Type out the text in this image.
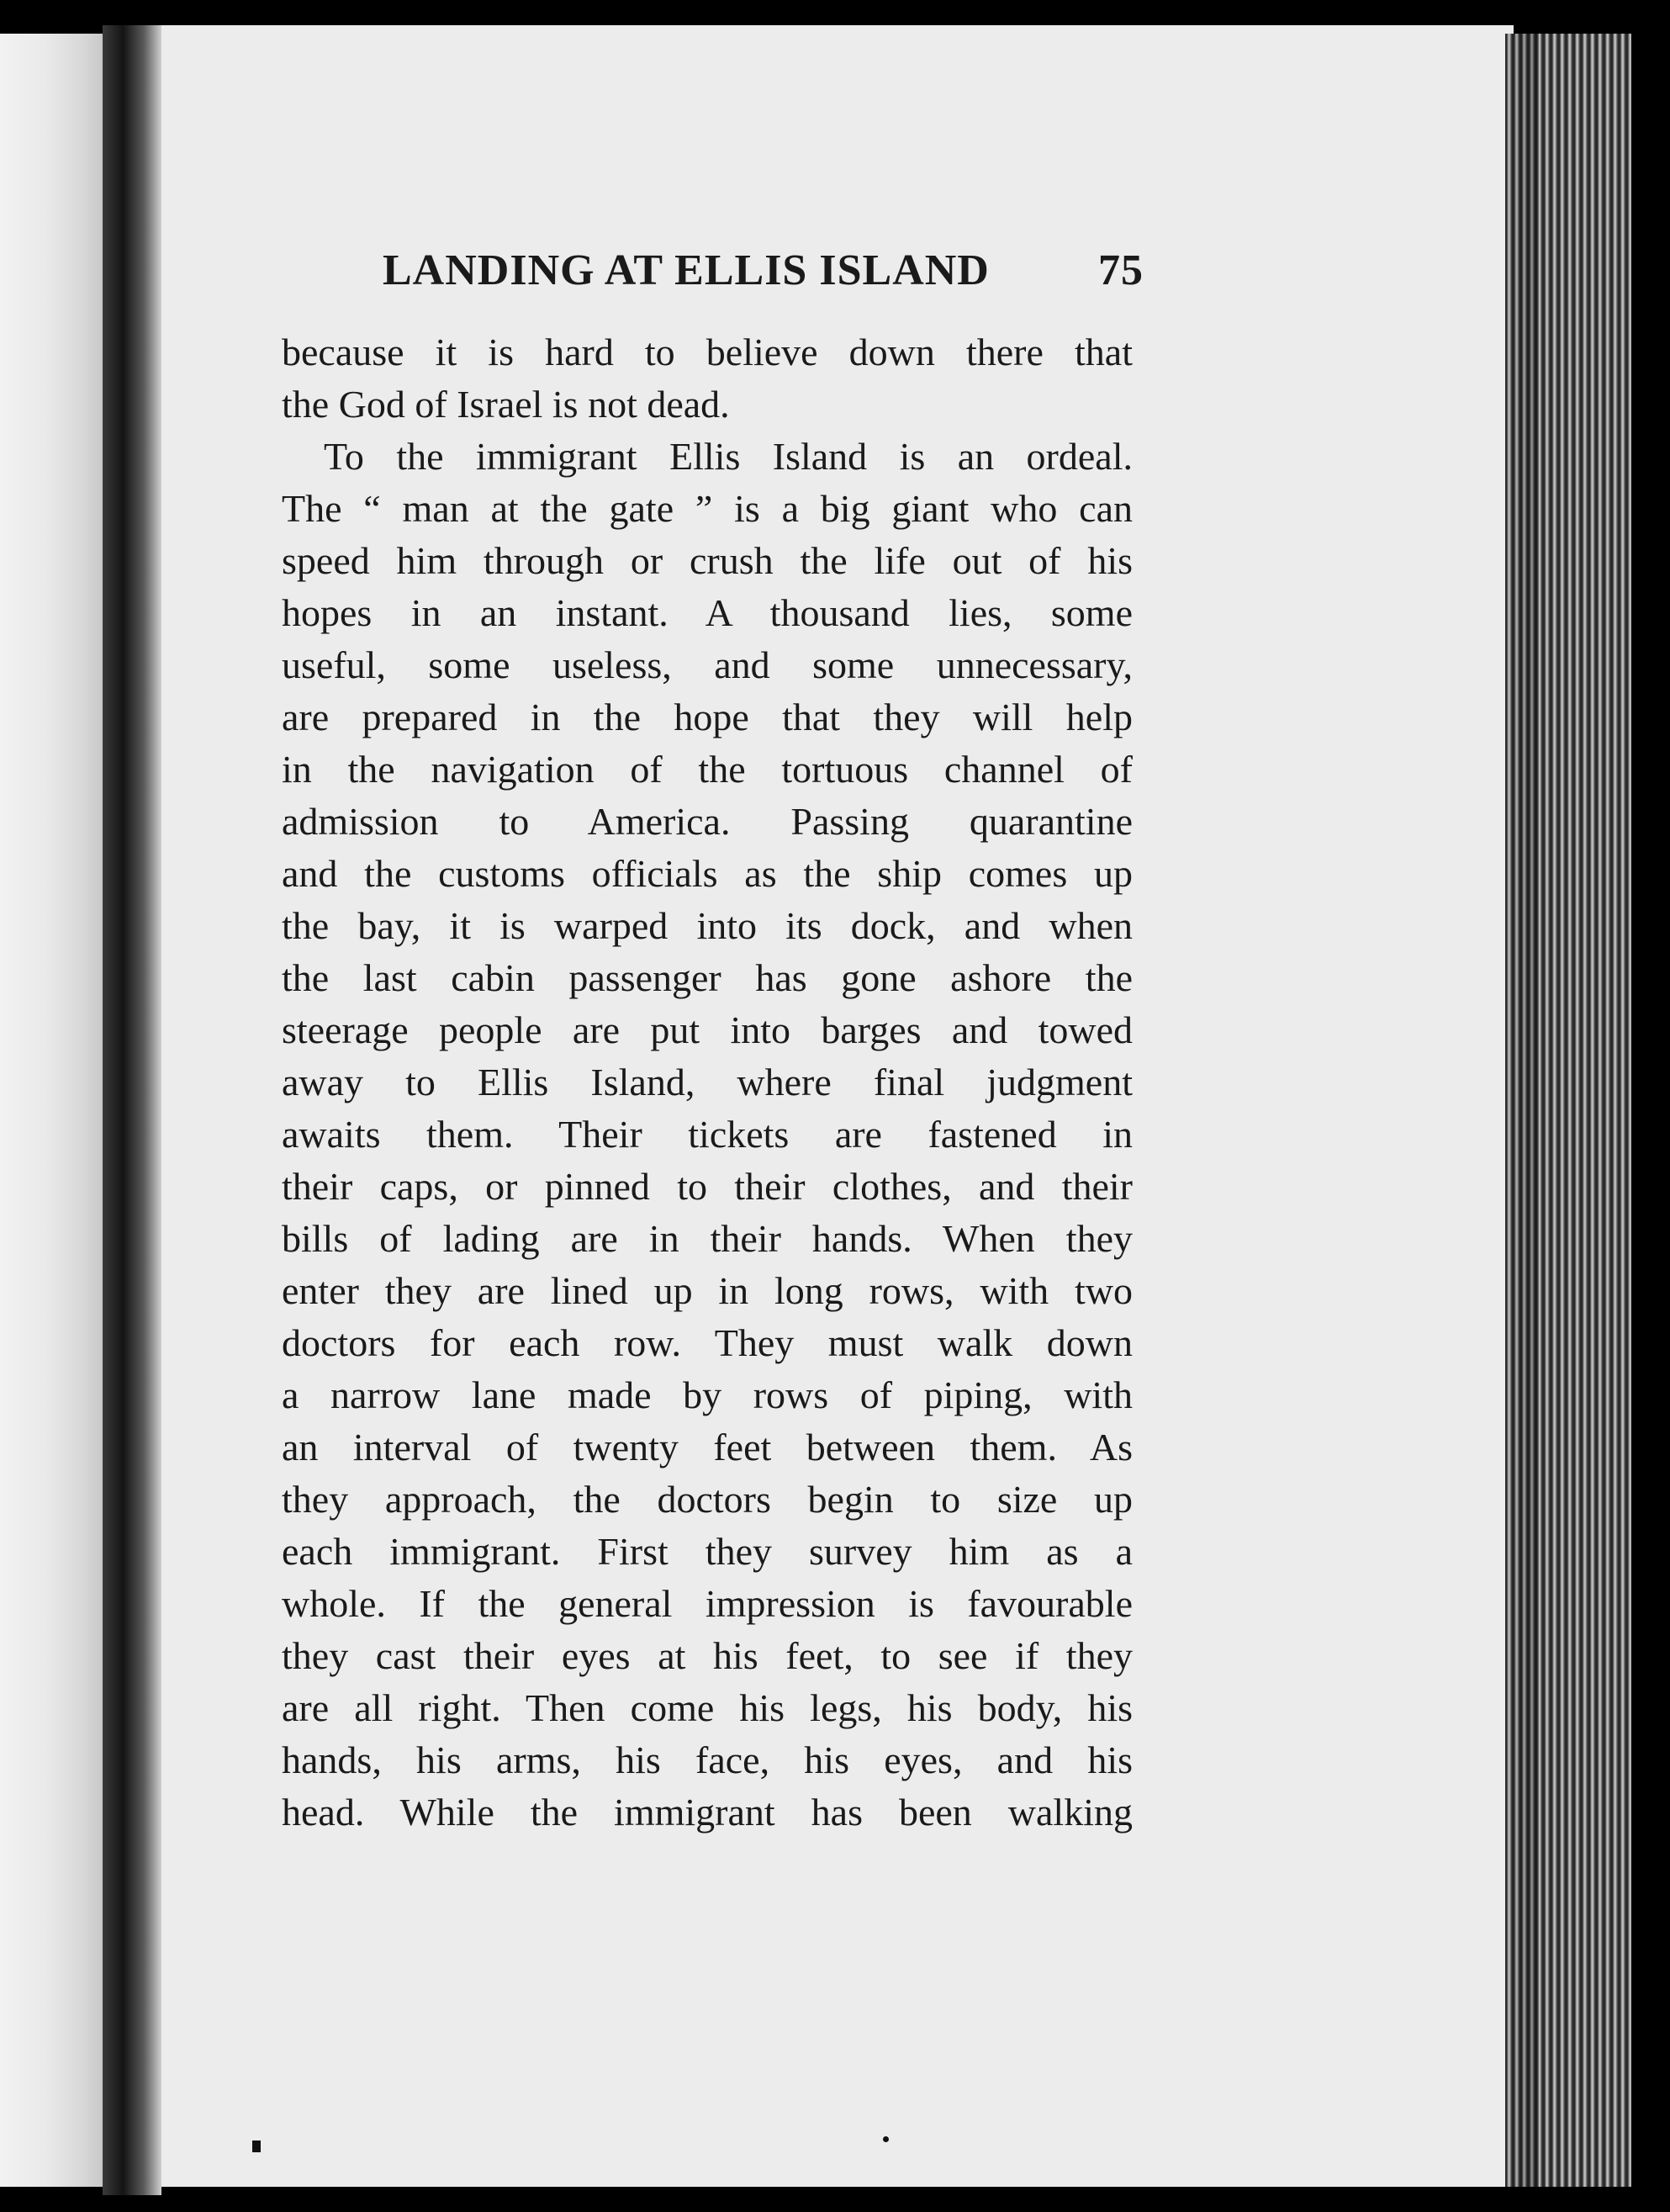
LANDING AT ELLIS ISLAND 75
because it is hard to believe down there that
the God of Israel is not dead.
To the immigrant Ellis Island is an ordeal.
The “ man at the gate ” is a big giant who can
speed him through or crush the life out of his
hopes in an instant. A thousand lies, some
useful, some useless, and some unnecessary,
are prepared in the hope that they will help
in the navigation of the tortuous channel of
admission to America. Passing quarantine
and the customs officials as the ship comes up
the bay, it is warped into its dock, and when
the last cabin passenger has gone ashore the
steerage people are put into barges and towed
away to Ellis Island, where final judgment
awaits them. Their tickets are fastened in
their caps, or pinned to their clothes, and their
bills of lading are in their hands. When they
enter they are lined up in long rows, with two
doctors for each row. They must walk down
a narrow lane made by rows of piping, with
an interval of twenty feet between them. As
they approach, the doctors begin to size up
each immigrant. First they survey him as a
whole. If the general impression is favourable
they cast their eyes at his feet, to see if they
are all right. Then come his legs, his body, his
hands, his arms, his face, his eyes, and his
head. While the immigrant has been walking
